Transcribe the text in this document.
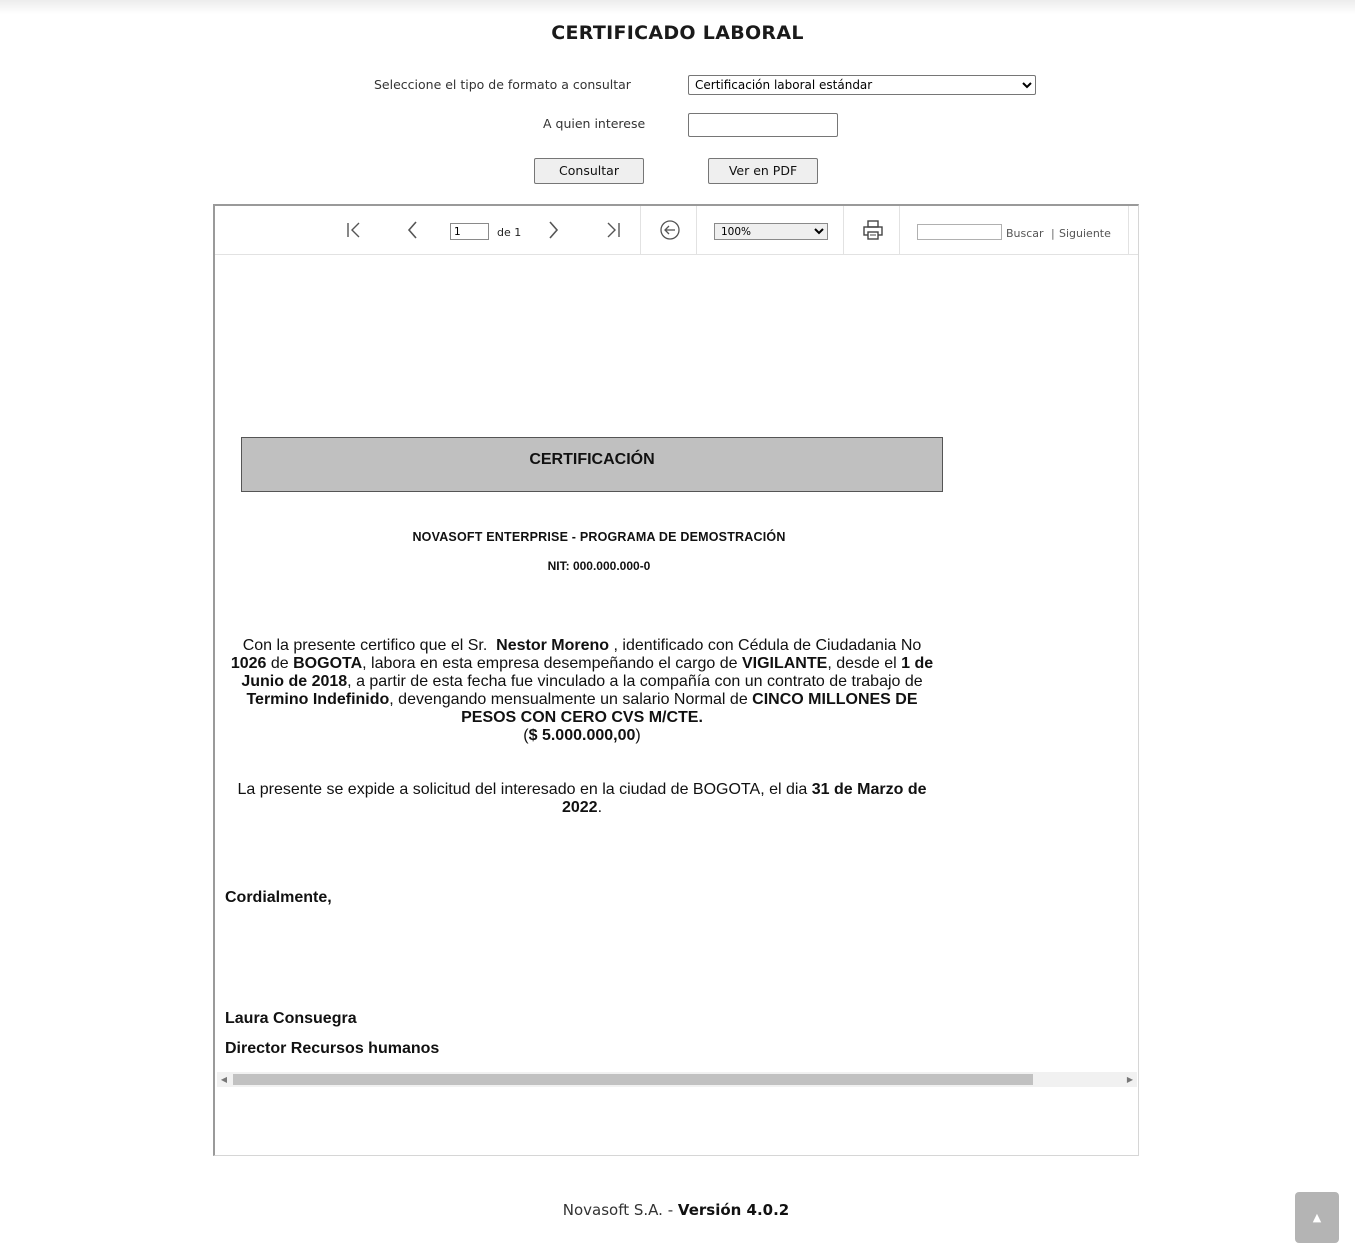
CERTIFICADO LABORAL
Seleccione el tipo de formato a consultar
Certificación laboral estándar
A quien interese
Consultar	Ver en PDF
1
de 1
100%	Buscar | Siguiente
CERTIFICACIÓN
NOVASOFT ENTERPRISE - PROGRAMA DE DEMOSTRACIÓN
NIT: 000.000.000-0
Con la presente certifico que el Sr. Nestor Moreno , identificado con Cédula de Ciudadania No 1026 de BOGOTA, labora en esta empresa desempeñando el cargo de VIGILANTE, desde el 1 de Junio de 2018, a partir de esta fecha fue vinculado a la compañía con un contrato de trabajo de Termino Indefinido, devengando mensualmente un salario Normal de CINCO MILLONES DE PESOS CON CERO CVS M/CTE.
($ 5.000.000,00)
La presente se expide a solicitud del interesado en la ciudad de BOGOTA, el dia 31 de Marzo de 2022.
Cordialmente,
Laura Consuegra
Director Recursos humanos
◀	▶
Novasoft S.A. - Versión 4.0.2	▲
